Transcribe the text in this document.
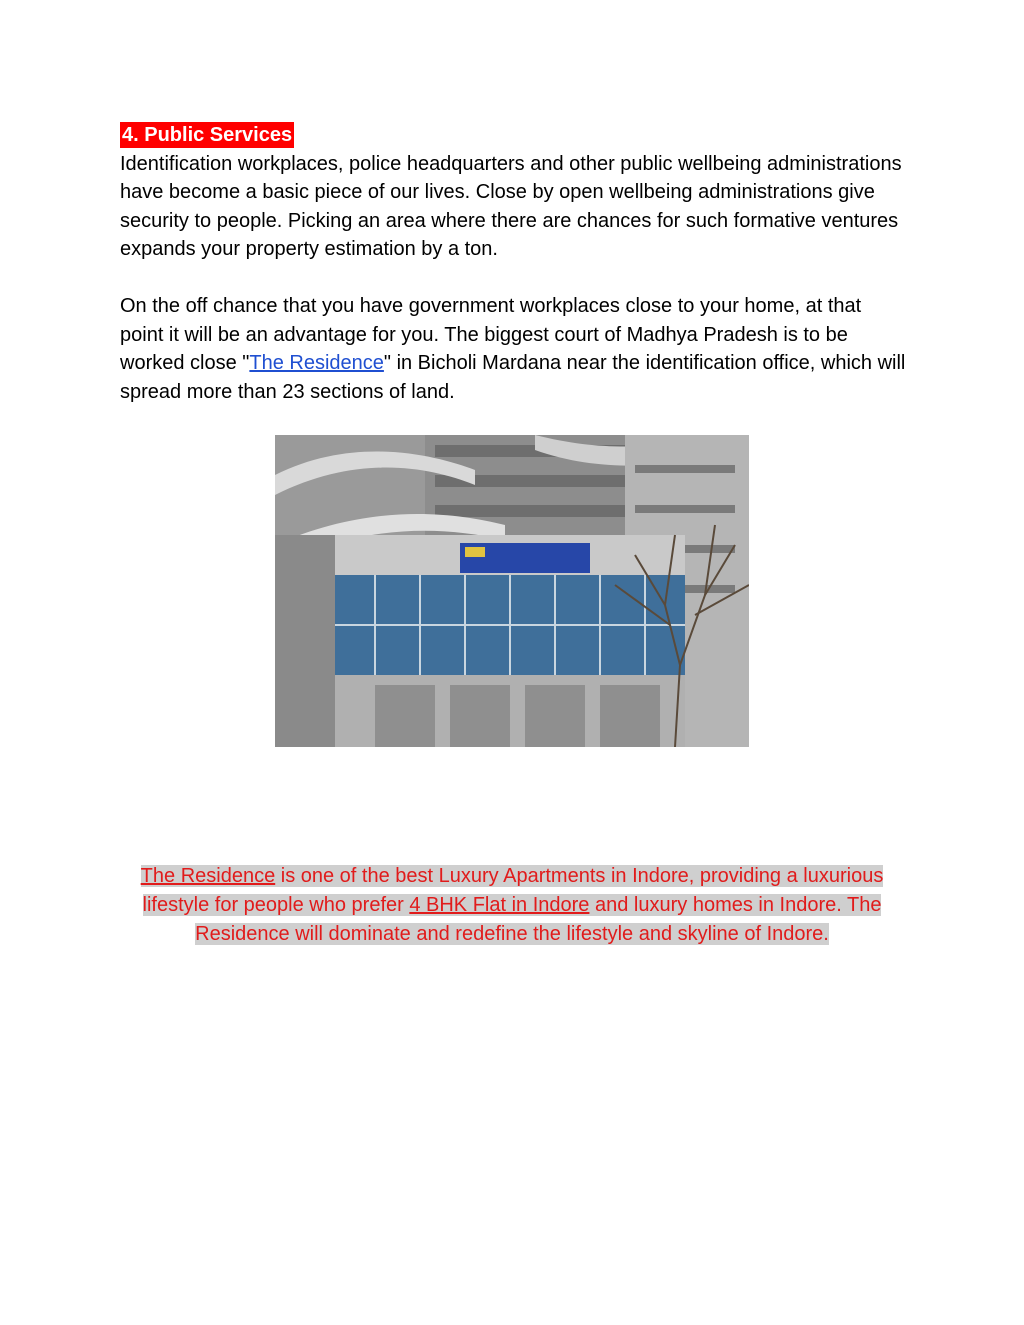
4. Public Services

Identification workplaces, police headquarters and other public wellbeing administrations have become a basic piece of our lives. Close by open wellbeing administrations give security to people. Picking an area where there are chances for such formative ventures expands your property estimation by a ton.

On the off chance that you have government workplaces close to your home, at that point it will be an advantage for you. The biggest court of Madhya Pradesh is to be worked close "The Residence" in Bicholi Mardana near the identification office, which will spread more than 23 sections of land.

The Residence is one of the best Luxury Apartments in Indore, providing a luxurious lifestyle for people who prefer 4 BHK Flat in Indore and luxury homes in Indore. The Residence will dominate and redefine the lifestyle and skyline of Indore.
